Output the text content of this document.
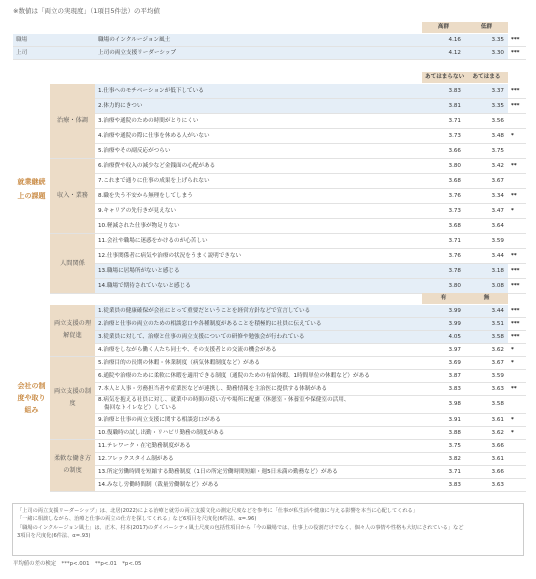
※数値は「両立の実現度」（1項目5件法）の平均値
		高群	低群	
職場	職場のインクルージョン風土	4.16	3.35	***
上司	上司の両立支援リーダーシップ	4.12	3.30	***
			あてはまらない	あてはまる	
就業継続上の課題	治療・体調	1.仕事へのモチベーションが低下している	3.83	3.37	***
		2.体力的にきつい	3.81	3.35	***
		3.治療や通院のための時間がとりにくい	3.71	3.56	
		4.治療や通院の際に仕事を休める人がいない	3.73	3.48	*
		5.治療やその副反応がつらい	3.66	3.75	
	収入・業務	6.治療費や収入の減少など金銭面の心配がある	3.80	3.42	**
		7.これまで通りに仕事の成果を上げられない	3.68	3.67	
		8.職を失う不安から無理をしてしまう	3.76	3.34	**
		9.キャリアの先行きが見えない	3.73	3.47	*
		10.軽減された仕事が物足りない	3.68	3.64	
	人間関係	11.会社や職場に迷惑をかけるのが心苦しい	3.71	3.59	
		12.仕事関係者に病気や治療の状況をうまく説明できない	3.76	3.44	**
		13.職場に居場所がないと感じる	3.78	3.18	***
		14.職場で期待されていないと感じる	3.80	3.08	***
			有	無	
会社の制度や取り組み	両立支援の理解促進	1.従業員の健康確保が会社にとって重要だということを経営方針などで宣言している	3.99	3.44	***
		2.治療と仕事の両立のための相談窓口や各種制度があることを積極的に社員に伝えている	3.99	3.51	***
		3.従業員に対して、治療と仕事の両立支援についての研修や勉強会が行われている	4.05	3.58	***
		4.治療をしながら働く人たち同士や、その支援者との交流の機会がある	3.97	3.62	*
	両立支援の制度	5.治療目的の長期の休暇・休業制度（病気休暇制度など）がある	3.69	3.67	*
		6.通院や治療のために柔軟に休暇を適用できる制度（通院のための有給休暇、1時間単位の休暇など）がある	3.87	3.59	
		7.本人と人事・労務担当者や産業医などが連携し、勤務情報を主治医に提供する体制がある	3.83	3.63	**

		8.病気を抱える社員に対し、就業中の時間の使い方や場所に配慮（休憩室・休養室や保健室の活用、
傷回なトイレなど）している	3.98	3.58	
		9.治療と仕事の両立支援に関する相談窓口がある	3.91	3.61	*
		10.復職時の試し出勤・リハビリ勤務の制度がある	3.88	3.62	*
	柔軟な働き方の制度	11.テレワーク・在宅勤務制度がある	3.75	3.66	
		12.フレックスタイム制がある	3.82	3.61	
		13.所定労働時間を短縮する勤務制度（1日の所定労働時間短縮・週5日未満の勤務など）がある	3.71	3.66	
		14.みなし労働時間制（裁量労働制など）がある	3.83	3.63	
「上司の両立支援リーダーシップ」は、北居(2022)による治療と就労の両立支援文化の測定尺度などを参考に「仕事が私生活や健康に与える影響を本当に心配してくれる」
「一緒に相談しながら、治療と仕事の両立の仕方を探してくれる」など6項目を尺度化(6件法、α=.96)
「職場のインクルージョン風土」は、正木、村本(2017)のダイバーシティ風土尺度の包括性項目から「今の職場では、仕事上の役割だけでなく、個々人の事情や性格も大切にされている」など
3項目を尺度化(6件法、α=.93)
平均値の差の検定　***p<.001　**p<.01　*p<.05
